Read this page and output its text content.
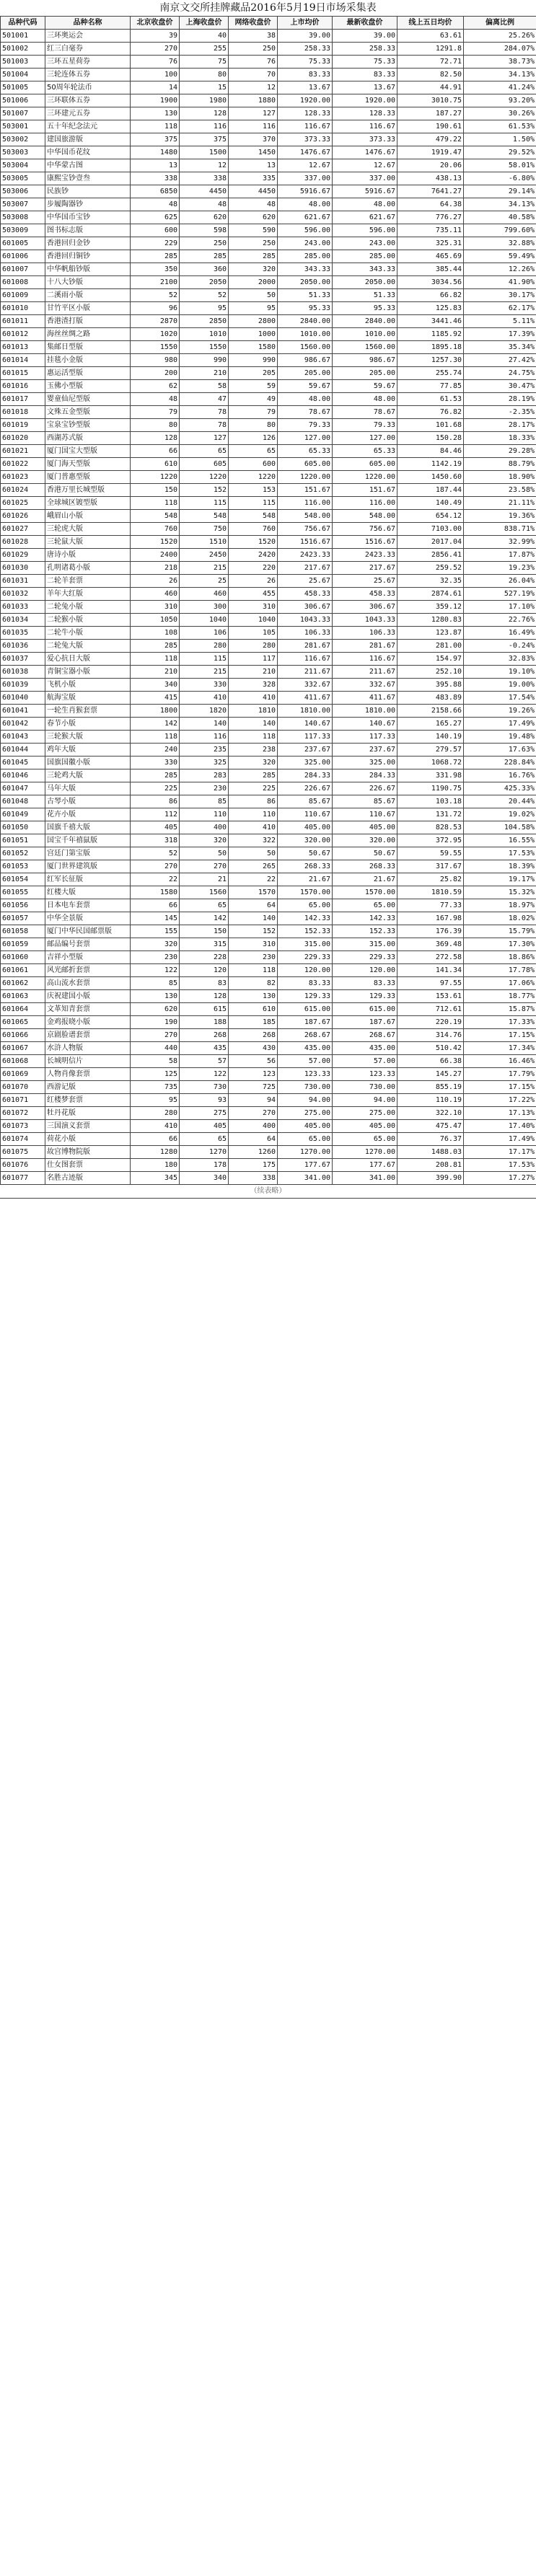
南京文交所挂牌藏品2016年5月19日市场采集表
品种代码	品种名称	北京收盘价	上海收盘价	网络收盘价	上市均价	最新收盘价	线上五日均价	偏离比例
501001	三环奥运会	39	40	38	39.00	39.00	63.61	25.26%
501002	红三白毫券	270	255	250	258.33	258.33	1291.8	284.07%
501003	三环五星荷券	76	75	76	75.33	75.33	72.71	38.73%
501004	三轮连体五券	100	80	70	83.33	83.33	82.50	34.13%
501005	50周年轮法币	14	15	12	13.67	13.67	44.91	41.24%
501006	三环联体五券	1900	1980	1880	1920.00	1920.00	3010.75	93.20%
501007	三环建元五券	130	128	127	128.33	128.33	187.27	30.26%
503001	五十年纪念法元	118	116	116	116.67	116.67	190.61	61.53%
503002	建国旅游版	375	375	370	373.33	373.33	479.22	1.50%
503003	中华国币花纹	1480	1500	1450	1476.67	1476.67	1919.47	29.52%
503004	中华蒙古图	13	12	13	12.67	12.67	20.06	58.01%
503005	康熙宝钞壹叁	338	338	335	337.00	337.00	438.13	-6.80%
503006	民族钞	6850	4450	4450	5916.67	5916.67	7641.27	29.14%
503007	步履陶器钞	48	48	48	48.00	48.00	64.38	34.13%
503008	中华国币宝钞	625	620	620	621.67	621.67	776.27	40.58%
503009	图书标志版	600	598	590	596.00	596.00	735.11	799.60%
601005	香港回归金钞	229	250	250	243.00	243.00	325.31	32.88%
601006	香港回归铜钞	285	285	285	285.00	285.00	465.69	59.49%
601007	中华帆船钞版	350	360	320	343.33	343.33	385.44	12.26%
601008	十八大钞版	2100	2050	2000	2050.00	2050.00	3034.56	41.90%
601009	二溪雨小版	52	52	50	51.33	51.33	66.82	30.17%
601010	甘竹平区小版	96	95	95	95.33	95.33	125.83	62.17%
601011	香港渣打版	2870	2850	2800	2840.00	2840.00	3441.46	5.11%
601012	海丝丝绸之路	1020	1010	1000	1010.00	1010.00	1185.92	17.39%
601013	集邮日型版	1550	1550	1580	1560.00	1560.00	1895.18	35.34%
601014	挂毯小金版	980	990	990	986.67	986.67	1257.30	27.42%
601015	惠运活型版	200	210	205	205.00	205.00	255.74	24.75%
601016	玉佛小型版	62	58	59	59.67	59.67	77.85	30.47%
601017	婴童仙尼型版	48	47	49	48.00	48.00	61.53	28.19%
601018	文殊五金型版	79	78	79	78.67	78.67	76.82	-2.35%
601019	宝泉宝钞型版	80	78	80	79.33	79.33	101.68	28.17%
601020	西湖苏式版	128	127	126	127.00	127.00	150.28	18.33%
601021	厦门国宝大型版	66	65	65	65.33	65.33	84.46	29.28%
601022	厦门海天型版	610	605	600	605.00	605.00	1142.19	88.79%
601023	厦门普惠型版	1220	1220	1220	1220.00	1220.00	1450.60	18.90%
601024	香港万里长城型版	150	152	153	151.67	151.67	187.44	23.58%
601025	全球城区镀型版	118	115	115	116.00	116.00	140.49	21.11%
601026	峨眉山小版	548	548	548	548.00	548.00	654.12	19.36%
601027	三轮虎大版	760	750	760	756.67	756.67	7103.00	838.71%
601028	三轮鼠大版	1520	1510	1520	1516.67	1516.67	2017.04	32.99%
601029	唐诗小版	2400	2450	2420	2423.33	2423.33	2856.41	17.87%
601030	孔明诸葛小版	218	215	220	217.67	217.67	259.52	19.23%
601031	二轮羊套票	26	25	26	25.67	25.67	32.35	26.04%
601032	羊年大红版	460	460	455	458.33	458.33	2874.61	527.19%
601033	二轮兔小版	310	300	310	306.67	306.67	359.12	17.10%
601034	二轮猴小版	1050	1040	1040	1043.33	1043.33	1280.83	22.76%
601035	二轮牛小版	108	106	105	106.33	106.33	123.87	16.49%
601036	二轮兔大版	285	280	280	281.67	281.67	281.00	-0.24%
601037	爱心抗日大版	118	115	117	116.67	116.67	154.97	32.83%
601038	青铜宝器小版	210	215	210	211.67	211.67	252.10	19.10%
601039	飞机小版	340	330	328	332.67	332.67	395.88	19.00%
601040	航海宝版	415	410	410	411.67	411.67	483.89	17.54%
601041	一轮生肖猴套票	1800	1820	1810	1810.00	1810.00	2158.66	19.26%
601042	春节小版	142	140	140	140.67	140.67	165.27	17.49%
601043	三轮猴大版	118	116	118	117.33	117.33	140.19	19.48%
601044	鸡年大版	240	235	238	237.67	237.67	279.57	17.63%
601045	国旗国徽小版	330	325	320	325.00	325.00	1068.72	228.84%
601046	三轮鸡大版	285	283	285	284.33	284.33	331.98	16.76%
601047	马年大版	225	230	225	226.67	226.67	1190.75	425.33%
601048	古琴小版	86	85	86	85.67	85.67	103.18	20.44%
601049	花卉小版	112	110	110	110.67	110.67	131.72	19.02%
601050	国旗千禧大版	405	400	410	405.00	405.00	828.53	104.58%
601051	国宝千年禧鼠版	318	320	322	320.00	320.00	372.95	16.55%
601052	宫廷门第宝版	52	50	50	50.67	50.67	59.55	17.53%
601053	厦门世界建筑版	270	270	265	268.33	268.33	317.67	18.39%
601054	红军长征版	22	21	22	21.67	21.67	25.82	19.17%
601055	红楼大版	1580	1560	1570	1570.00	1570.00	1810.59	15.32%
601056	日本电车套票	66	65	64	65.00	65.00	77.33	18.97%
601057	中华全景版	145	142	140	142.33	142.33	167.98	18.02%
601058	厦门中华民国邮票版	155	150	152	152.33	152.33	176.39	15.79%
601059	邮品编号套票	320	315	310	315.00	315.00	369.48	17.30%
601060	吉祥小型版	230	228	230	229.33	229.33	272.58	18.86%
601061	风光邮折套票	122	120	118	120.00	120.00	141.34	17.78%
601062	高山流水套票	85	83	82	83.33	83.33	97.55	17.06%
601063	庆祝建国小版	130	128	130	129.33	129.33	153.61	18.77%
601064	文革知青套票	620	615	610	615.00	615.00	712.61	15.87%
601065	金鸡报晓小版	190	188	185	187.67	187.67	220.19	17.33%
601066	京剧脸谱套票	270	268	268	268.67	268.67	314.76	17.15%
601067	水浒人物版	440	435	430	435.00	435.00	510.42	17.34%
601068	长城明信片	58	57	56	57.00	57.00	66.38	16.46%
601069	人物肖像套票	125	122	123	123.33	123.33	145.27	17.79%
601070	西游记版	735	730	725	730.00	730.00	855.19	17.15%
601071	红楼梦套票	95	93	94	94.00	94.00	110.19	17.22%
601072	牡丹花版	280	275	270	275.00	275.00	322.10	17.13%
601073	三国演义套票	410	405	400	405.00	405.00	475.47	17.40%
601074	荷花小版	66	65	64	65.00	65.00	76.37	17.49%
601075	故宫博物院版	1280	1270	1260	1270.00	1270.00	1488.03	17.17%
601076	仕女图套票	180	178	175	177.67	177.67	208.81	17.53%
601077	名胜古迹版	345	340	338	341.00	341.00	399.90	17.27%
（续表略）
